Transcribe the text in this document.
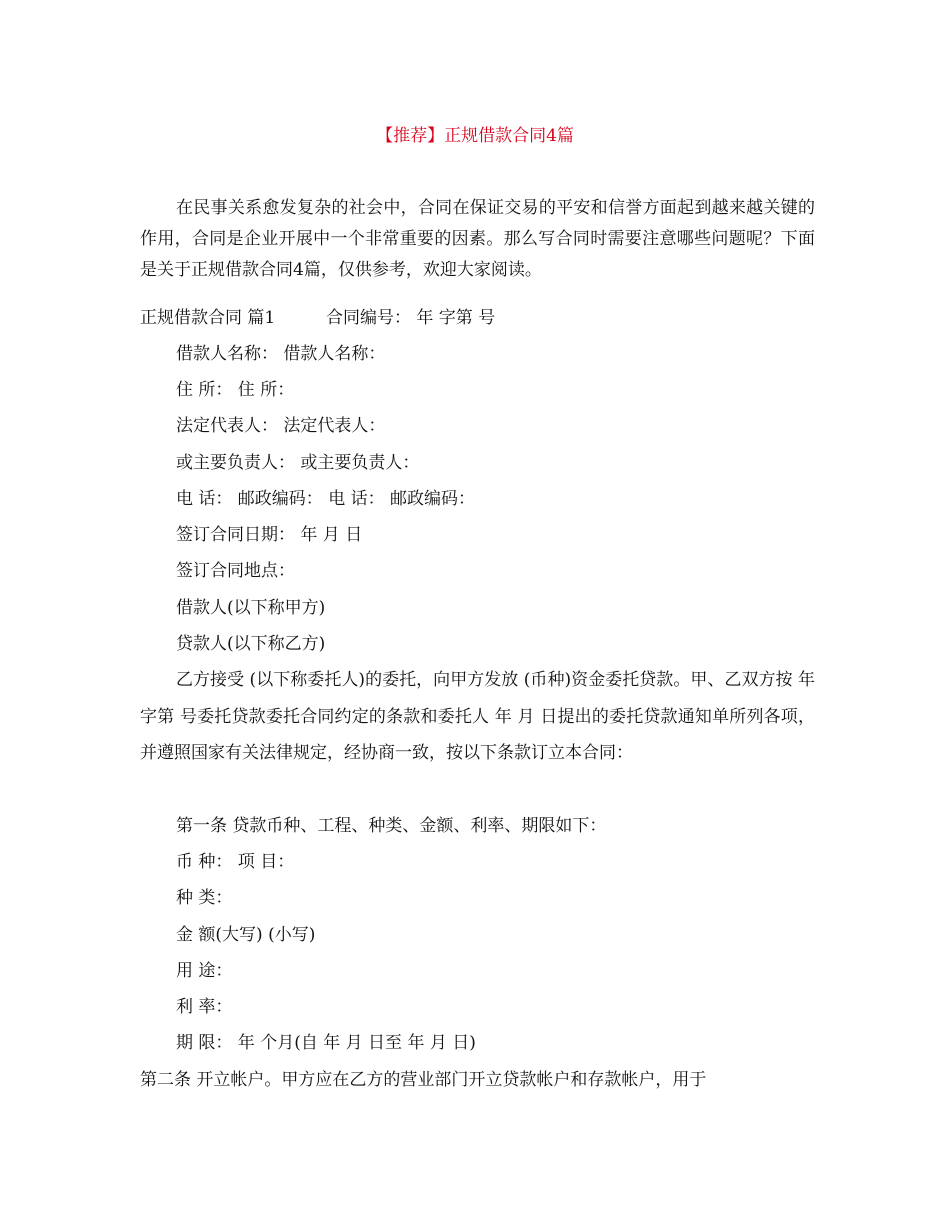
【推荐】正规借款合同4篇

在民事关系愈发复杂的社会中，合同在保证交易的平安和信誉方面起到越来越关键的作用，合同是企业开展中一个非常重要的因素。那么写合同时需要注意哪些问题呢？下面是关于正规借款合同4篇，仅供参考，欢迎大家阅读。

正规借款合同 篇1	合同编号： 年 字第 号
借款人名称： 借款人名称：
住 所： 住 所：
法定代表人： 法定代表人：
或主要负责人： 或主要负责人：
电 话： 邮政编码： 电 话： 邮政编码：
签订合同日期： 年 月 日
签订合同地点：
借款人(以下称甲方)
贷款人(以下称乙方)

乙方接受 (以下称委托人)的委托，向甲方发放 (币种)资金委托贷款。甲、乙双方按 年 字第 号委托贷款委托合同约定的条款和委托人 年 月 日提出的委托贷款通知单所列各项，并遵照国家有关法律规定，经协商一致，按以下条款订立本合同：

第一条 贷款币种、工程、种类、金额、利率、期限如下：
币 种： 项 目：
种 类：
金 额(大写) (小写)
用 途：
利 率：
期 限： 年 个月(自 年 月 日至 年 月 日)
第二条 开立帐户。甲方应在乙方的营业部门开立贷款帐户和存款帐户，用于
